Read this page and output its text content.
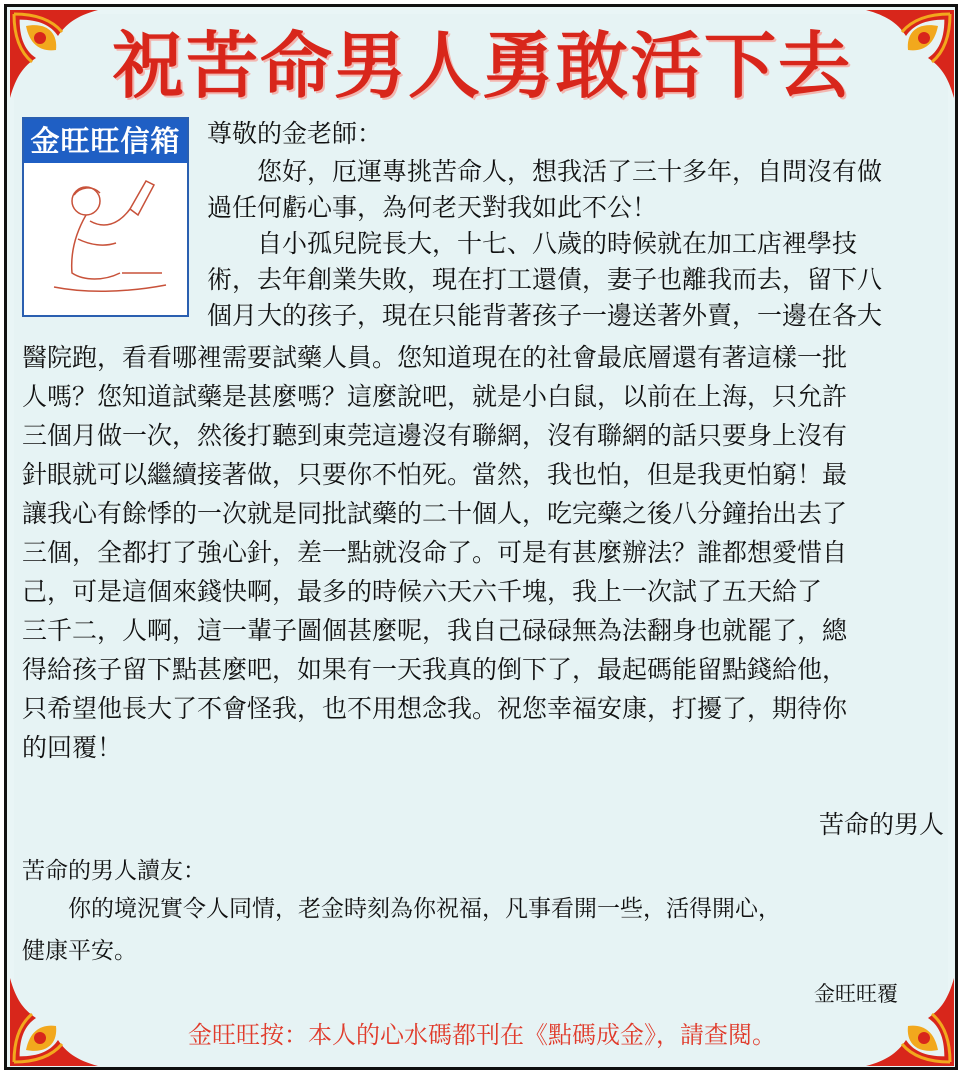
祝苦命男人勇敢活下去
金旺旺信箱 尊敬的金老師：
　　您好，厄運專挑苦命人，想我活了三十多年，自問沒有做
過任何虧心事，為何老天對我如此不公！
　　自小孤兒院長大，十七、八歲的時候就在加工店裡學技
術，去年創業失敗，現在打工還債，妻子也離我而去，留下八
個月大的孩子，現在只能背著孩子一邊送著外賣，一邊在各大
醫院跑，看看哪裡需要試藥人員。您知道現在的社會最底層還有著這樣一批
人嗎？您知道試藥是甚麼嗎？這麼說吧，就是小白鼠，以前在上海，只允許
三個月做一次，然後打聽到東莞這邊沒有聯網，沒有聯網的話只要身上沒有
針眼就可以繼續接著做，只要你不怕死。當然，我也怕，但是我更怕窮！最
讓我心有餘悸的一次就是同批試藥的二十個人，吃完藥之後八分鐘抬出去了
三個，全都打了強心針，差一點就沒命了。可是有甚麼辦法？誰都想愛惜自
己，可是這個來錢快啊，最多的時候六天六千塊，我上一次試了五天給了
三千二，人啊，這一輩子圖個甚麼呢，我自己碌碌無為法翻身也就罷了，總
得給孩子留下點甚麼吧，如果有一天我真的倒下了，最起碼能留點錢給他，
只希望他長大了不會怪我，也不用想念我。祝您幸福安康，打擾了，期待你
的回覆！
苦命的男人
苦命的男人讀友：
　　你的境況實令人同情，老金時刻為你祝福，凡事看開一些，活得開心，
健康平安。
金旺旺覆
金旺旺按：本人的心水碼都刊在《點碼成金》，請查閱。
